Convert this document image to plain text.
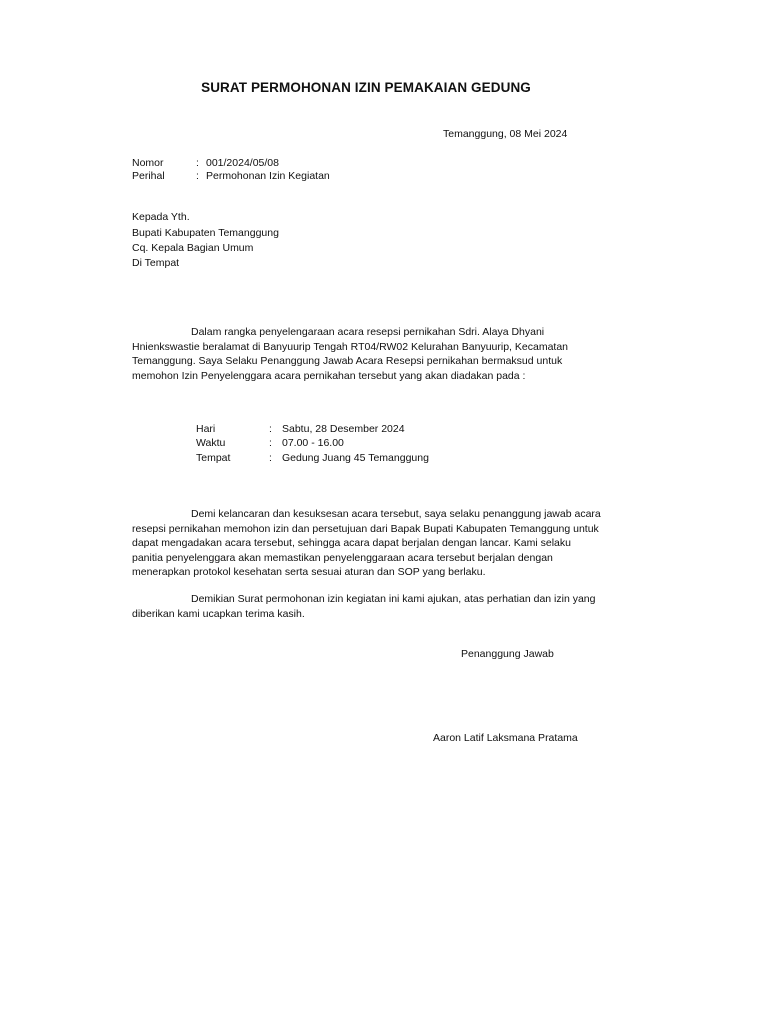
SURAT PERMOHONAN IZIN PEMAKAIAN GEDUNG
Temanggung, 08 Mei 2024
Nomor	: 001/2024/05/08
Perihal	: Permohonan Izin Kegiatan
Kepada Yth.
Bupati Kabupaten Temanggung
Cq. Kepala Bagian Umum
Di Tempat
Dalam rangka penyelengaraan acara resepsi pernikahan Sdri. Alaya Dhyani Hnienkswastie beralamat di Banyuurip Tengah RT04/RW02 Kelurahan Banyuurip, Kecamatan Temanggung. Saya Selaku Penanggung Jawab Acara Resepsi pernikahan bermaksud untuk memohon Izin Penyelenggara acara pernikahan tersebut yang akan diadakan pada :
Hari	: Sabtu, 28 Desember 2024
Waktu	: 07.00 - 16.00
Tempat	: Gedung Juang 45 Temanggung
Demi kelancaran dan kesuksesan acara tersebut, saya selaku penanggung jawab acara resepsi pernikahan memohon izin dan persetujuan dari Bapak Bupati Kabupaten Temanggung untuk dapat mengadakan acara tersebut, sehingga acara dapat berjalan dengan lancar. Kami selaku panitia penyelenggara akan memastikan penyelenggaraan acara tersebut berjalan dengan menerapkan protokol kesehatan serta sesuai aturan dan SOP yang berlaku.
Demikian Surat permohonan izin kegiatan ini kami ajukan, atas perhatian dan izin yang diberikan kami ucapkan terima kasih.
Penanggung Jawab
Aaron Latif Laksmana Pratama
